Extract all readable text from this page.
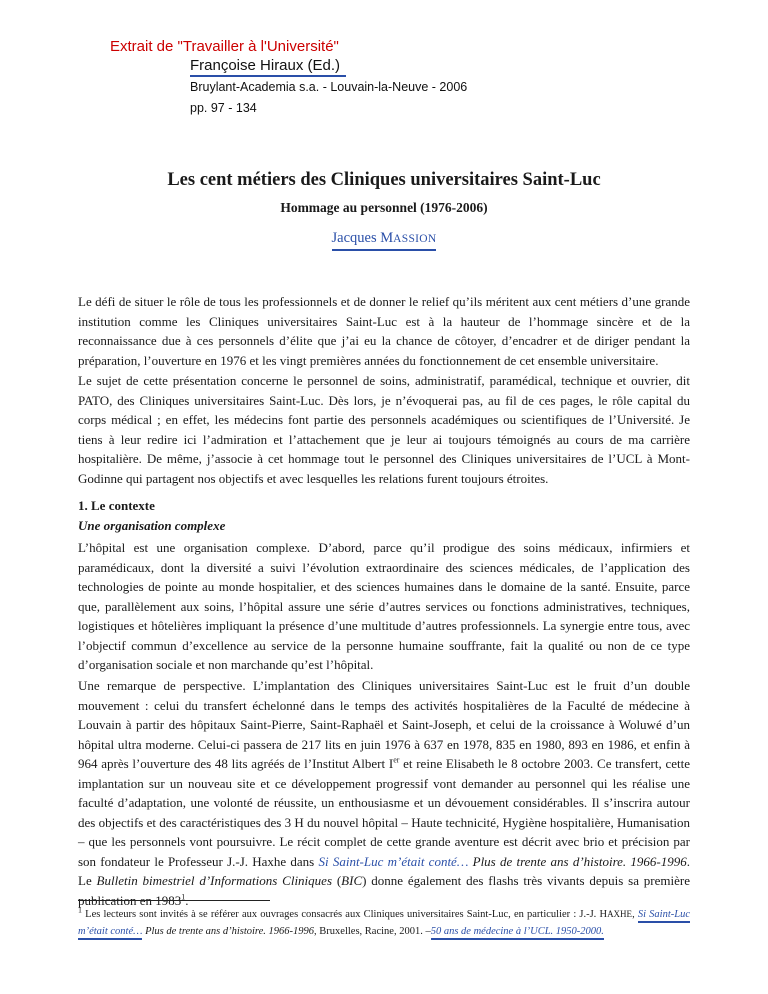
Extrait de "Travailler à l'Université"
Françoise Hiraux (Ed.)
Bruylant-Academia s.a. - Louvain-la-Neuve - 2006
pp. 97 - 134
Les cent métiers des Cliniques universitaires Saint-Luc
Hommage au personnel (1976-2006)
Jacques MASSION

Le défi de situer le rôle de tous les professionnels et de donner le relief qu’ils méritent aux cent métiers d’une grande institution comme les Cliniques universitaires Saint-Luc est à la hauteur de l’hommage sincère et de la reconnaissance due à ces personnels d’élite que j’ai eu la chance de côtoyer, d’encadrer et de diriger pendant la préparation, l’ouverture en 1976 et les vingt premières années du fonctionnement de cet ensemble universitaire.

Le sujet de cette présentation concerne le personnel de soins, administratif, paramédical, technique et ouvrier, dit PATO, des Cliniques universitaires Saint-Luc. Dès lors, je n’évoquerai pas, au fil de ces pages, le rôle capital du corps médical ; en effet, les médecins font partie des personnels académiques ou scientifiques de l’Université. Je tiens à leur redire ici l’admiration et l’attachement que je leur ai toujours témoignés au cours de ma carrière hospitalière. De même, j’associe à cet hommage tout le personnel des Cliniques universitaires de l’UCL à Mont-Godinne qui partagent nos objectifs et avec lesquelles les relations furent toujours étroites.

1. Le contexte

Une organisation complexe

L’hôpital est une organisation complexe. D’abord, parce qu’il prodigue des soins médicaux, infirmiers et paramédicaux, dont la diversité a suivi l’évolution extraordinaire des sciences médicales, de l’application des technologies de pointe au monde hospitalier, et des sciences humaines dans le domaine de la santé. Ensuite, parce que, parallèlement aux soins, l’hôpital assure une série d’autres services ou fonctions administratives, techniques, logistiques et hôtelières impliquant la présence d’une multitude d’autres professionnels. La synergie entre tous, avec l’objectif commun d’excellence au service de la personne humaine souffrante, fait la qualité ou non de ce type d’organisation sociale et non marchande qu’est l’hôpital.

Une remarque de perspective. L’implantation des Cliniques universitaires Saint-Luc est le fruit d’un double mouvement : celui du transfert échelonné dans le temps des activités hospitalières de la Faculté de médecine à Louvain à partir des hôpitaux Saint-Pierre, Saint-Raphaël et Saint-Joseph, et celui de la croissance à Woluwé d’un hôpital ultra moderne. Celui-ci passera de 217 lits en juin 1976 à 637 en 1978, 835 en 1980, 893 en 1986, et enfin à 964 après l’ouverture des 48 lits agréés de l’Institut Albert Ier et reine Elisabeth le 8 octobre 2003. Ce transfert, cette implantation sur un nouveau site et ce développement progressif vont demander au personnel qui les réalise une faculté d’adaptation, une volonté de réussite, un enthousiasme et un dévouement considérables. Il s’inscrira autour des objectifs et des caractéristiques des 3 H du nouvel hôpital – Haute technicité, Hygiène hospitalière, Humanisation – que les personnels vont poursuivre. Le récit complet de cette grande aventure est décrit avec brio et précision par son fondateur le Professeur J.-J. Haxhe dans Si Saint-Luc m’était conté… Plus de trente ans d’histoire. 1966-1996. Le Bulletin bimestriel d’Informations Cliniques (BIC) donne également des flashs très vivants depuis sa première publication en 1983$^1$.

$^1$ Les lecteurs sont invités à se référer aux ouvrages consacrés aux Cliniques universitaires Saint-Luc, en particulier : J.-J. HAXHE, Si Saint-Luc m’était conté… Plus de trente ans d’histoire. 1966-1996, Bruxelles, Racine, 2001. –50 ans de médecine à l’UCL. 1950-2000.
